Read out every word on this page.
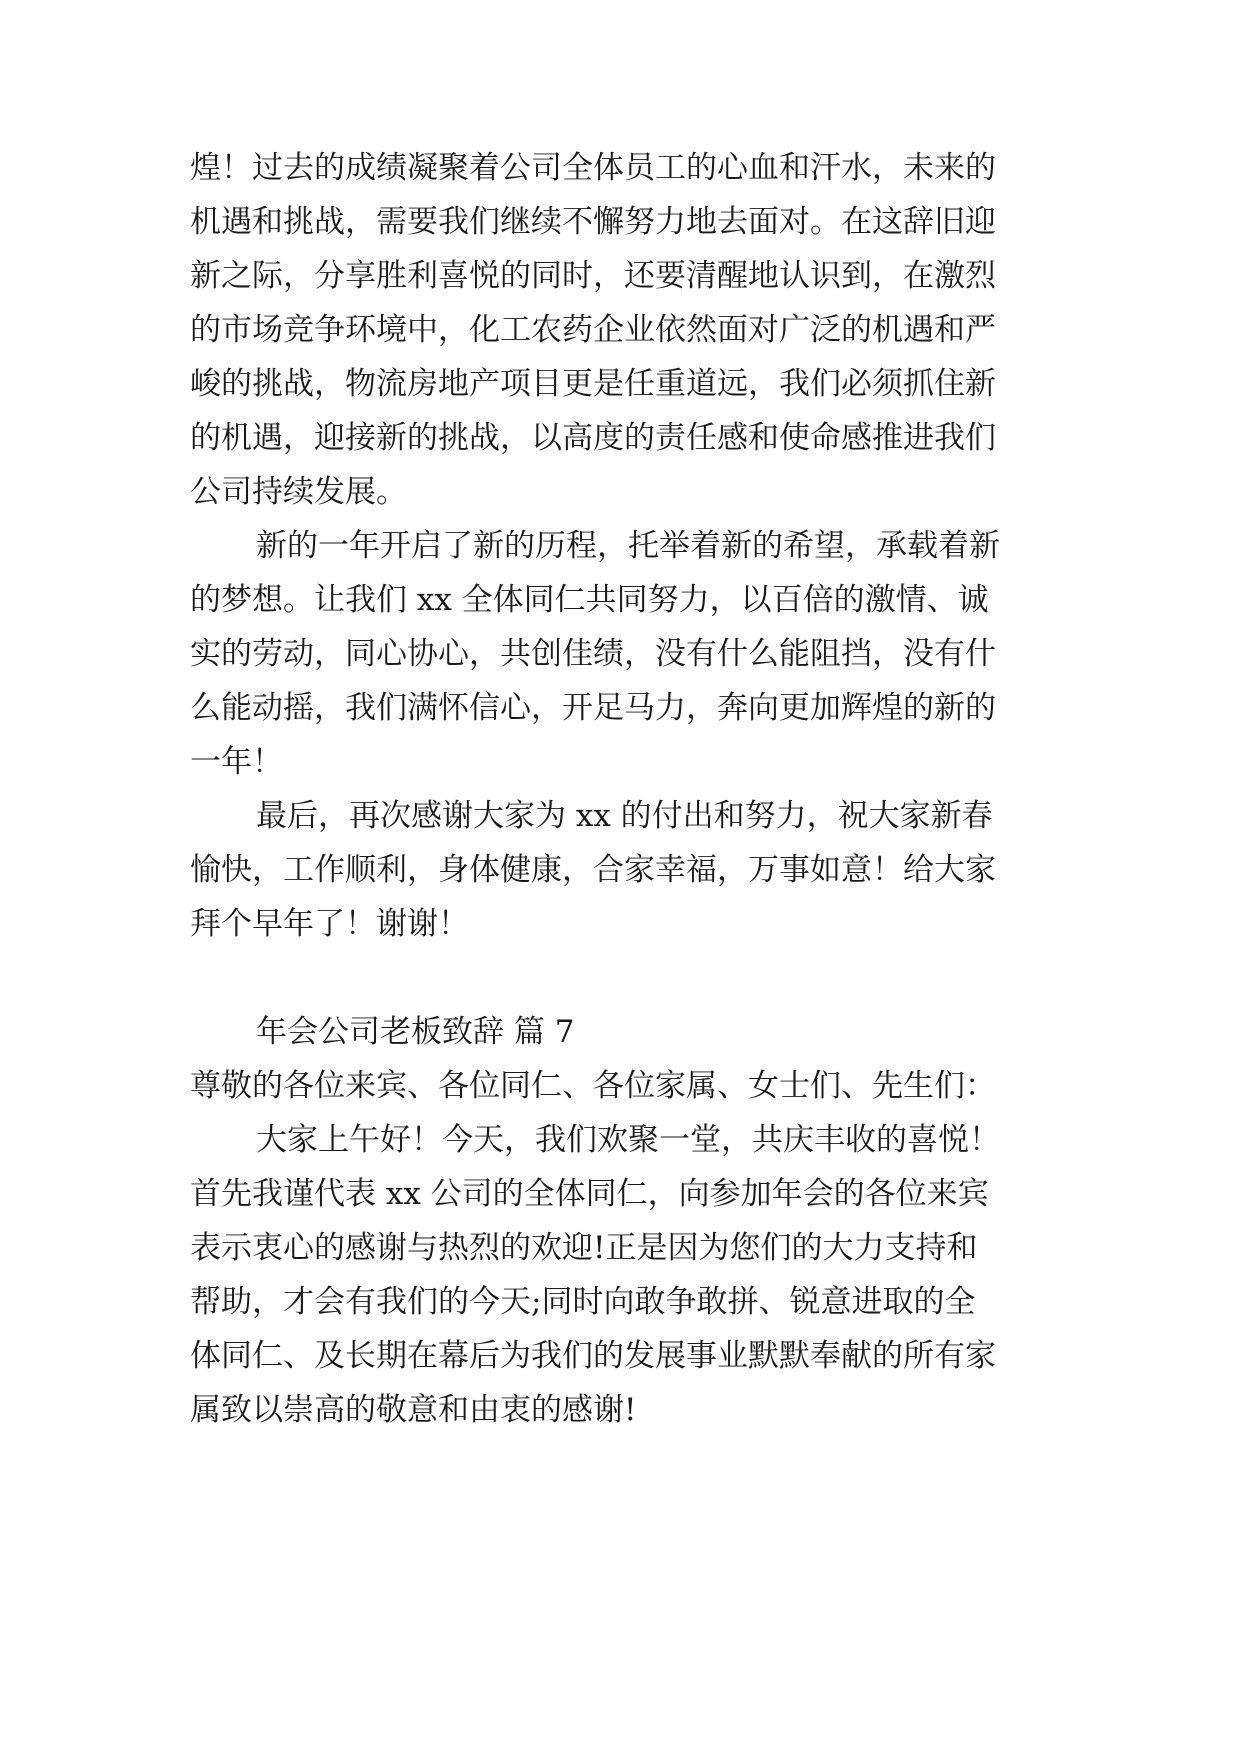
煌！过去的成绩凝聚着公司全体员工的心血和汗水，未来的
机遇和挑战，需要我们继续不懈努力地去面对。在这辞旧迎
新之际，分享胜利喜悦的同时，还要清醒地认识到，在激烈
的市场竞争环境中，化工农药企业依然面对广泛的机遇和严
峻的挑战，物流房地产项目更是任重道远，我们必须抓住新
的机遇，迎接新的挑战，以高度的责任感和使命感推进我们
公司持续发展。
新的一年开启了新的历程，托举着新的希望，承载着新
的梦想。让我们 xx 全体同仁共同努力，以百倍的激情、诚
实的劳动，同心协心，共创佳绩，没有什么能阻挡，没有什
么能动摇，我们满怀信心，开足马力，奔向更加辉煌的新的
一年！
最后，再次感谢大家为 xx 的付出和努力，祝大家新春
愉快，工作顺利，身体健康，合家幸福，万事如意！给大家
拜个早年了！谢谢！
年会公司老板致辞 篇 7
尊敬的各位来宾、各位同仁、各位家属、女士们、先生们：
大家上午好！今天，我们欢聚一堂，共庆丰收的喜悦！
首先我谨代表 xx 公司的全体同仁，向参加年会的各位来宾
表示衷心的感谢与热烈的欢迎!正是因为您们的大力支持和
帮助，才会有我们的今天;同时向敢争敢拼、锐意进取的全
体同仁、及长期在幕后为我们的发展事业默默奉献的所有家
属致以崇高的敬意和由衷的感谢!
